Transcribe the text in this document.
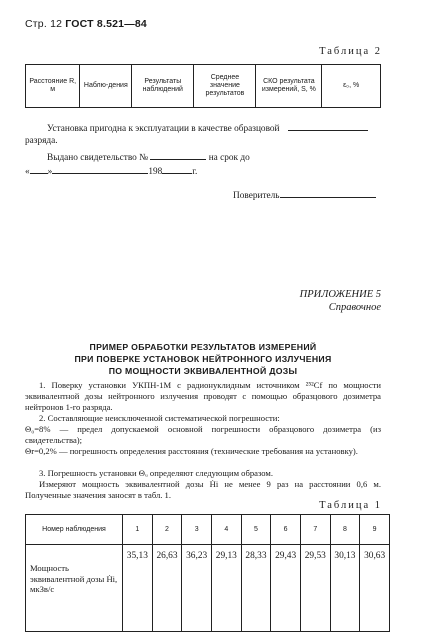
Стр. 12 ГОСТ 8.521—84
Таблица 2
Расстояние R, м	Наблю-дения	Результаты наблюдений	Среднее значение результатов	СКО результата измерений, S, %	ε₀, %
Установка пригодна к эксплуатации в качестве образцовой
разряда.
Выдано свидетельство №	на срок до
« »	198	г.
Поверитель
ПРИЛОЖЕНИЕ 5
Справочное
ПРИМЕР ОБРАБОТКИ РЕЗУЛЬТАТОВ ИЗМЕРЕНИЙ
ПРИ ПОВЕРКЕ УСТАНОВОК НЕЙТРОННОГО ИЗЛУЧЕНИЯ
ПО МОЩНОСТИ ЭКВИВАЛЕНТНОЙ ДОЗЫ
1. Поверку установки УКПН-1М с радионуклидным источником ²⁵²Cf по мощности эквивалентной дозы нейтронного излучения проводят с помощью образцового дозиметра нейтронов 1-го разряда.
2. Составляющие неисключенной систематической погрешности:
Θ₀=8% — предел допускаемой основной погрешности образцового дозиметра (из свидетельства);
Θr=0,2% — погрешность определения расстояния (технические требования на установку).
3. Погрешность установки Θᵤ определяют следующим образом.
Измеряют мощность эквивалентной дозы Ḣi не менее 9 раз на расстоянии 0,6 м. Полученные значения заносят в табл. 1.
Таблица 1
Номер наблюдения	1	2	3	4	5	6	7	8	9
Мощность эквивалентной дозы Ḣi, мкЗв/с	35,13	26,63	36,23	29,13	28,33	29,43	29,53	30,13	30,63
